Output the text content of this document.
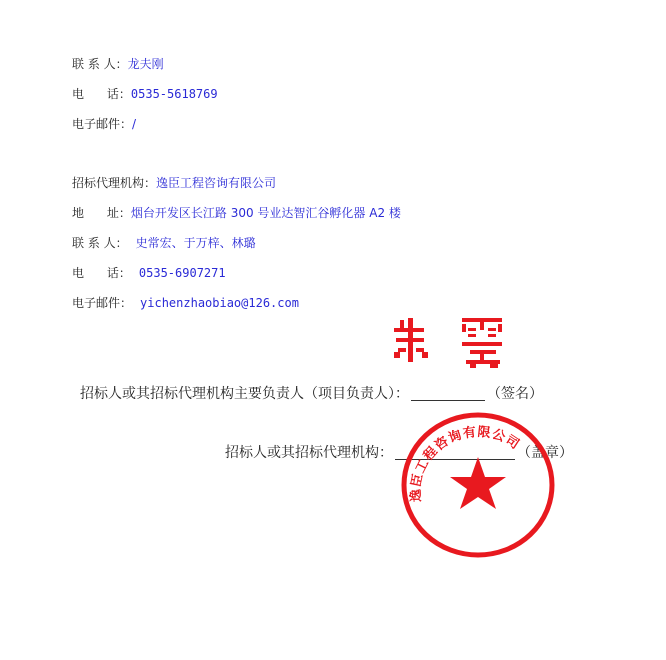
联 系 人：龙夫刚
电      话：0535-5618769
电子邮件：/
招标代理机构：逸臣工程咨询有限公司
地      址：烟台开发区长江路 300 号业达智汇谷孵化器 A2 楼
联 系 人： 史常宏、于万梓、林璐
电      话： 0535-6907271
电子邮件： yichenzhaobiao@126.com
招标人或其招标代理机构主要负责人（项目负责人）：	（签名）
招标人或其招标代理机构：	（盖章）
逸臣工程咨询有限公司
